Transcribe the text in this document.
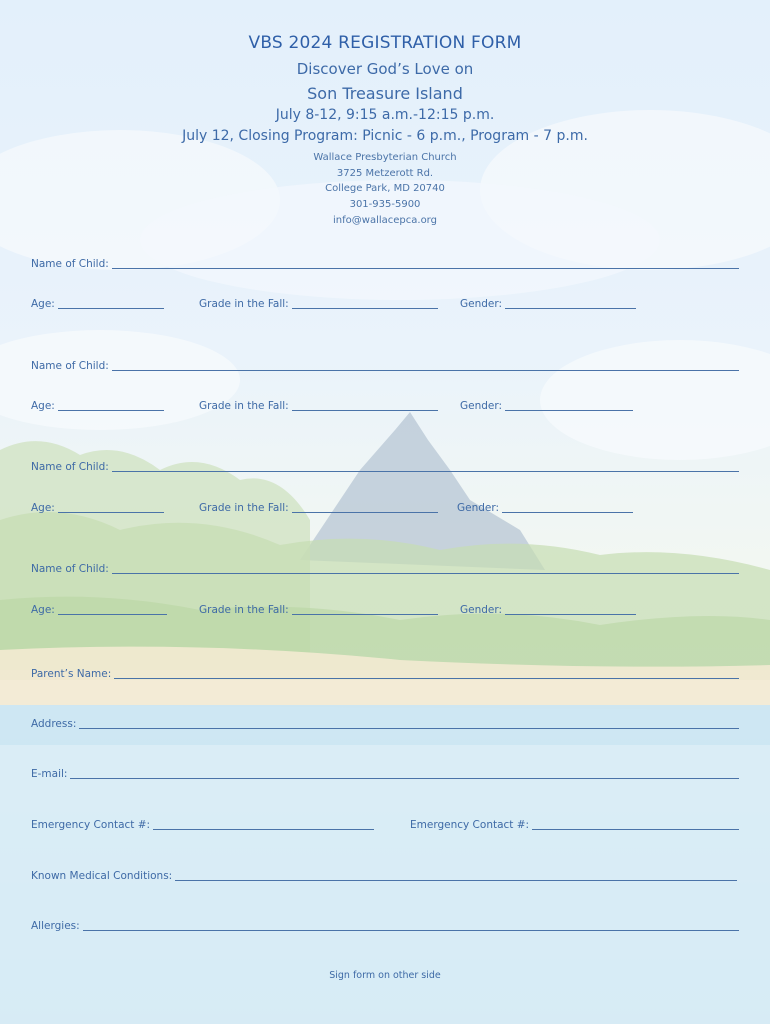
VBS 2024 REGISTRATION FORM
Discover God’s Love on
Son Treasure Island
July 8-12, 9:15 a.m.-12:15 p.m.
July 12, Closing Program: Picnic - 6 p.m., Program - 7 p.m.
Wallace Presbyterian Church
3725 Metzerott Rd.
College Park, MD 20740
301-935-5900
info@wallacepca.org
Name of Child:
Age:	Grade in the Fall:	Gender:
Name of Child:
Age:	Grade in the Fall:	Gender:
Name of Child:
Age:	Grade in the Fall:	Gender:
Name of Child:
Age:	Grade in the Fall:	Gender:
Parent’s Name:
Address:
E-mail:
Emergency Contact #:	Emergency Contact #:
Known Medical Conditions:
Allergies:
Sign form on other side
